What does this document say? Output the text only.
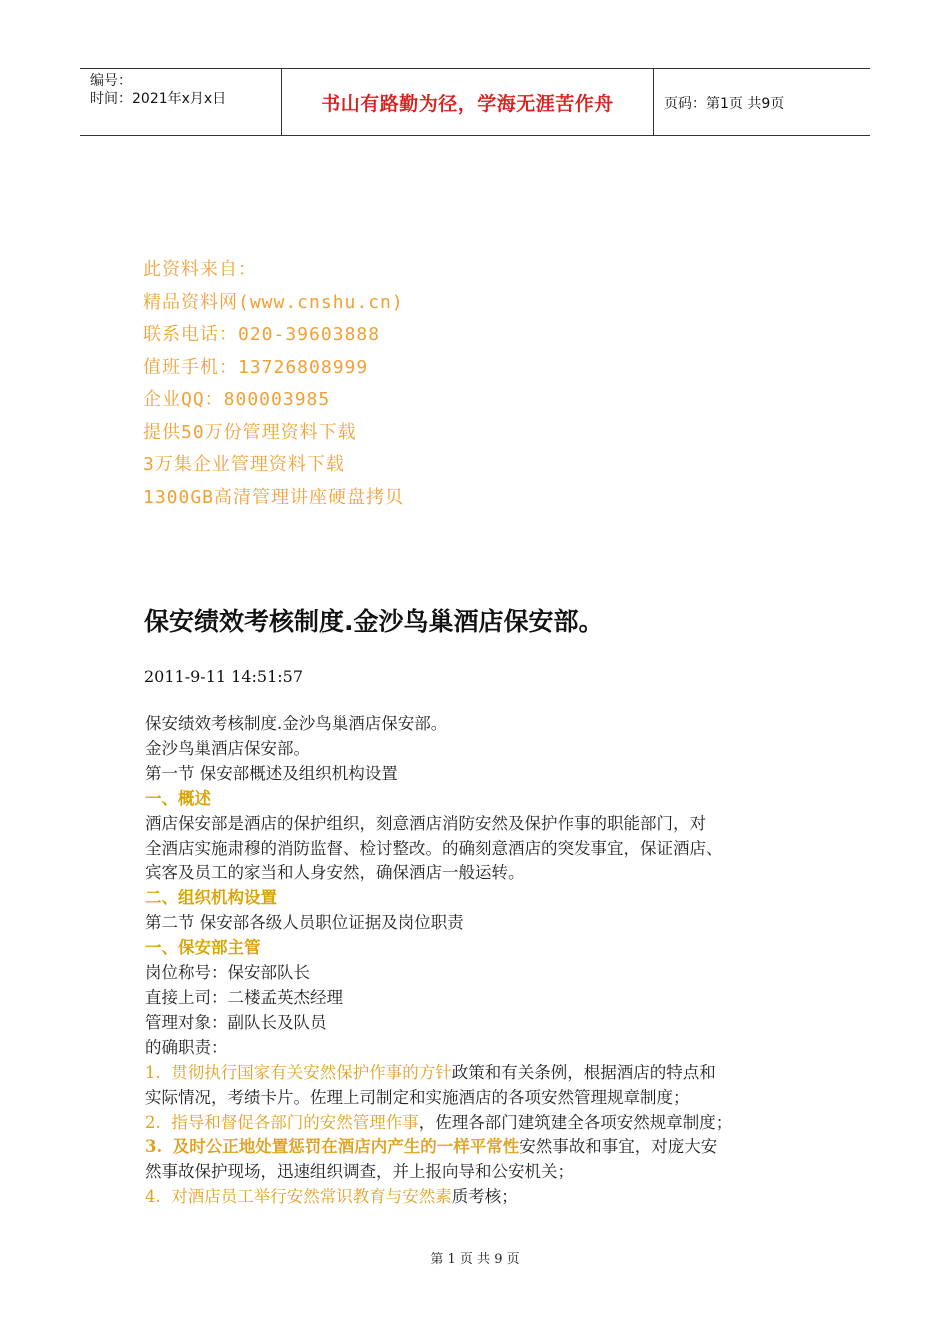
编号：
时间：2021年x月x日	书山有路勤为径，学海无涯苦作舟	页码：第1页 共9页
此资料来自：
精品资料网(www.cnshu.cn)
联系电话：020-39603888
值班手机：13726808999
企业QQ：800003985
提供50万份管理资料下载
3万集企业管理资料下载
1300GB高清管理讲座硬盘拷贝
保安绩效考核制度.金沙鸟巢酒店保安部。
2011-9-11 14:51:57

保安绩效考核制度.金沙鸟巢酒店保安部。

金沙鸟巢酒店保安部。

第一节 保安部概述及组织机构设置

一、概述

酒店保安部是酒店的保护组织，刻意酒店消防安然及保护作事的职能部门，对

全酒店实施肃穆的消防监督、检讨整改。的确刻意酒店的突发事宜，保证酒店、

宾客及员工的家当和人身安然，确保酒店一般运转。

二、组织机构设置

第二节 保安部各级人员职位证据及岗位职责

一、保安部主管

岗位称号：保安部队长

直接上司：二楼孟英杰经理

管理对象：副队长及队员

的确职责：

1. 贯彻执行国家有关安然保护作事的方针政策和有关条例，根据酒店的特点和

实际情况，考绩卡片。佐理上司制定和实施酒店的各项安然管理规章制度；

2. 指导和督促各部门的安然管理作事，佐理各部门建筑建全各项安然规章制度；

3. 及时公正地处置惩罚在酒店内产生的一样平常性安然事故和事宜，对庞大安

然事故保护现场，迅速组织调查，并上报向导和公安机关；

4. 对酒店员工举行安然常识教育与安然素质考核；

第 1 页 共 9 页
